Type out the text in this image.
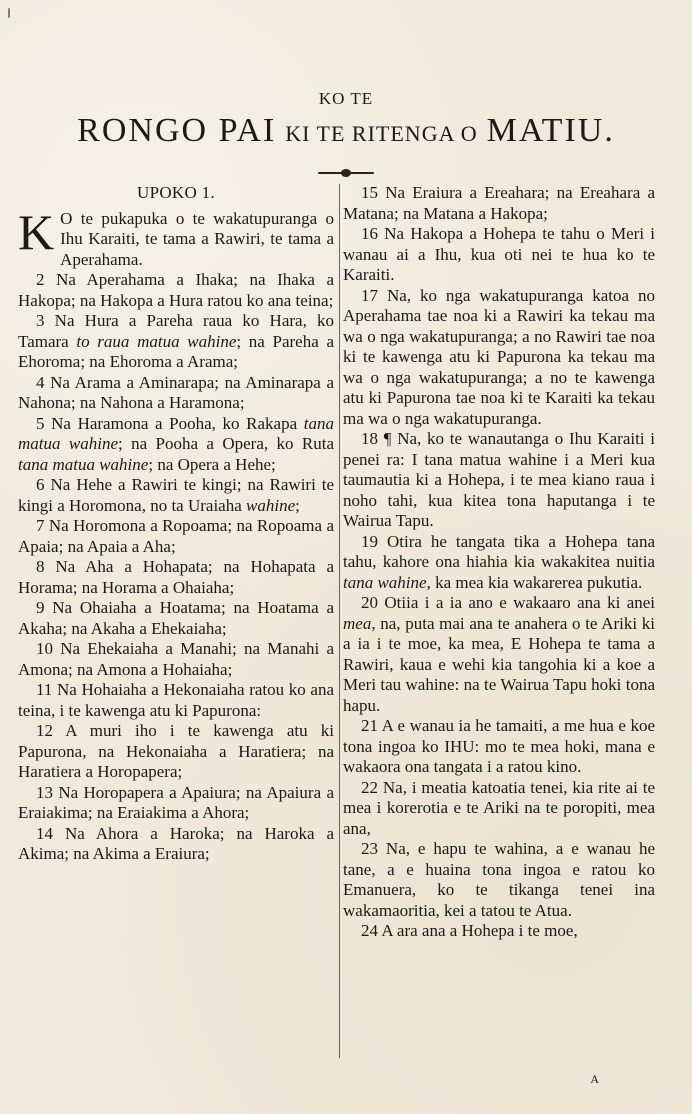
KO TE
RONGO PAI KI TE RITENGA O MATIU.
UPOKO 1.

K O te pukapuka o te wakatupuranga o Ihu Karaiti, te tama a Rawiri, te tama a Aperahama.

2 Na Aperahama a Ihaka; na Ihaka a Hakopa; na Hakopa a Hura ratou ko ana teina;

3 Na Hura a Pareha raua ko Hara, ko Tamara to raua matua wahine; na Pareha a Ehoroma; na Ehoroma a Arama;

4 Na Arama a Aminarapa; na Aminarapa a Nahona; na Nahona a Haramona;

5 Na Haramona a Pooha, ko Rakapa tana matua wahine; na Pooha a Opera, ko Ruta tana matua wahine; na Opera a Hehe;

6 Na Hehe a Rawiri te kingi; na Rawiri te kingi a Horomona, no ta Uraiaha wahine;

7 Na Horomona a Ropoama; na Ropoama a Apaia; na Apaia a Aha;

8 Na Aha a Hohapata; na Hohapata a Horama; na Horama a Ohaiaha;

9 Na Ohaiaha a Hoatama; na Hoatama a Akaha; na Akaha a Ehekaiaha;

10 Na Ehekaiaha a Manahi; na Manahi a Amona; na Amona a Hohaiaha;

11 Na Hohaiaha a Hekonaiaha ratou ko ana teina, i te kawenga atu ki Papurona:

12 A muri iho i te kawenga atu ki Papurona, na Hekonaiaha a Haratiera; na Haratiera a Horopapera;

13 Na Horopapera a Apaiura; na Apaiura a Eraiakima; na Eraiakima a Ahora;

14 Na Ahora a Haroka; na Haroka a Akima; na Akima a Eraiura;

15 Na Eraiura a Ereahara; na Ereahara a Matana; na Matana a Hakopa;

16 Na Hakopa a Hohepa te tahu o Meri i wanau ai a Ihu, kua oti nei te hua ko te Karaiti.

17 Na, ko nga wakatupuranga katoa no Aperahama tae noa ki a Rawiri ka tekau ma wa o nga wakatupuranga; a no Rawiri tae noa ki te kawenga atu ki Papurona ka tekau ma wa o nga wakatupuranga; a no te kawenga atu ki Papurona tae noa ki te Karaiti ka tekau ma wa o nga wakatupuranga.

18 ¶ Na, ko te wanautanga o Ihu Karaiti i penei ra: I tana matua wahine i a Meri kua taumautia ki a Hohepa, i te mea kiano raua i noho tahi, kua kitea tona haputanga i te Wairua Tapu.

19 Otira he tangata tika a Hohepa tana tahu, kahore ona hiahia kia wakakitea nuitia tana wahine, ka mea kia wakarerea pukutia.

20 Otiia i a ia ano e wakaaro ana ki anei mea, na, puta mai ana te anahera o te Ariki ki a ia i te moe, ka mea, E Hohepa te tama a Rawiri, kaua e wehi kia tangohia ki a koe a Meri tau wahine: na te Wairua Tapu hoki tona hapu.

21 A e wanau ia he tamaiti, a me hua e koe tona ingoa ko IHU: mo te mea hoki, mana e wakaora ona tangata i a ratou kino.

22 Na, i meatia katoatia tenei, kia rite ai te mea i korerotia e te Ariki na te poropiti, mea ana,

23 Na, e hapu te wahina, a e wanau he tane, a e huaina tona ingoa e ratou ko Emanuera, ko te tikanga tenei ina wakamaoritia, kei a tatou te Atua.

24 A ara ana a Hohepa i te moe,

A
